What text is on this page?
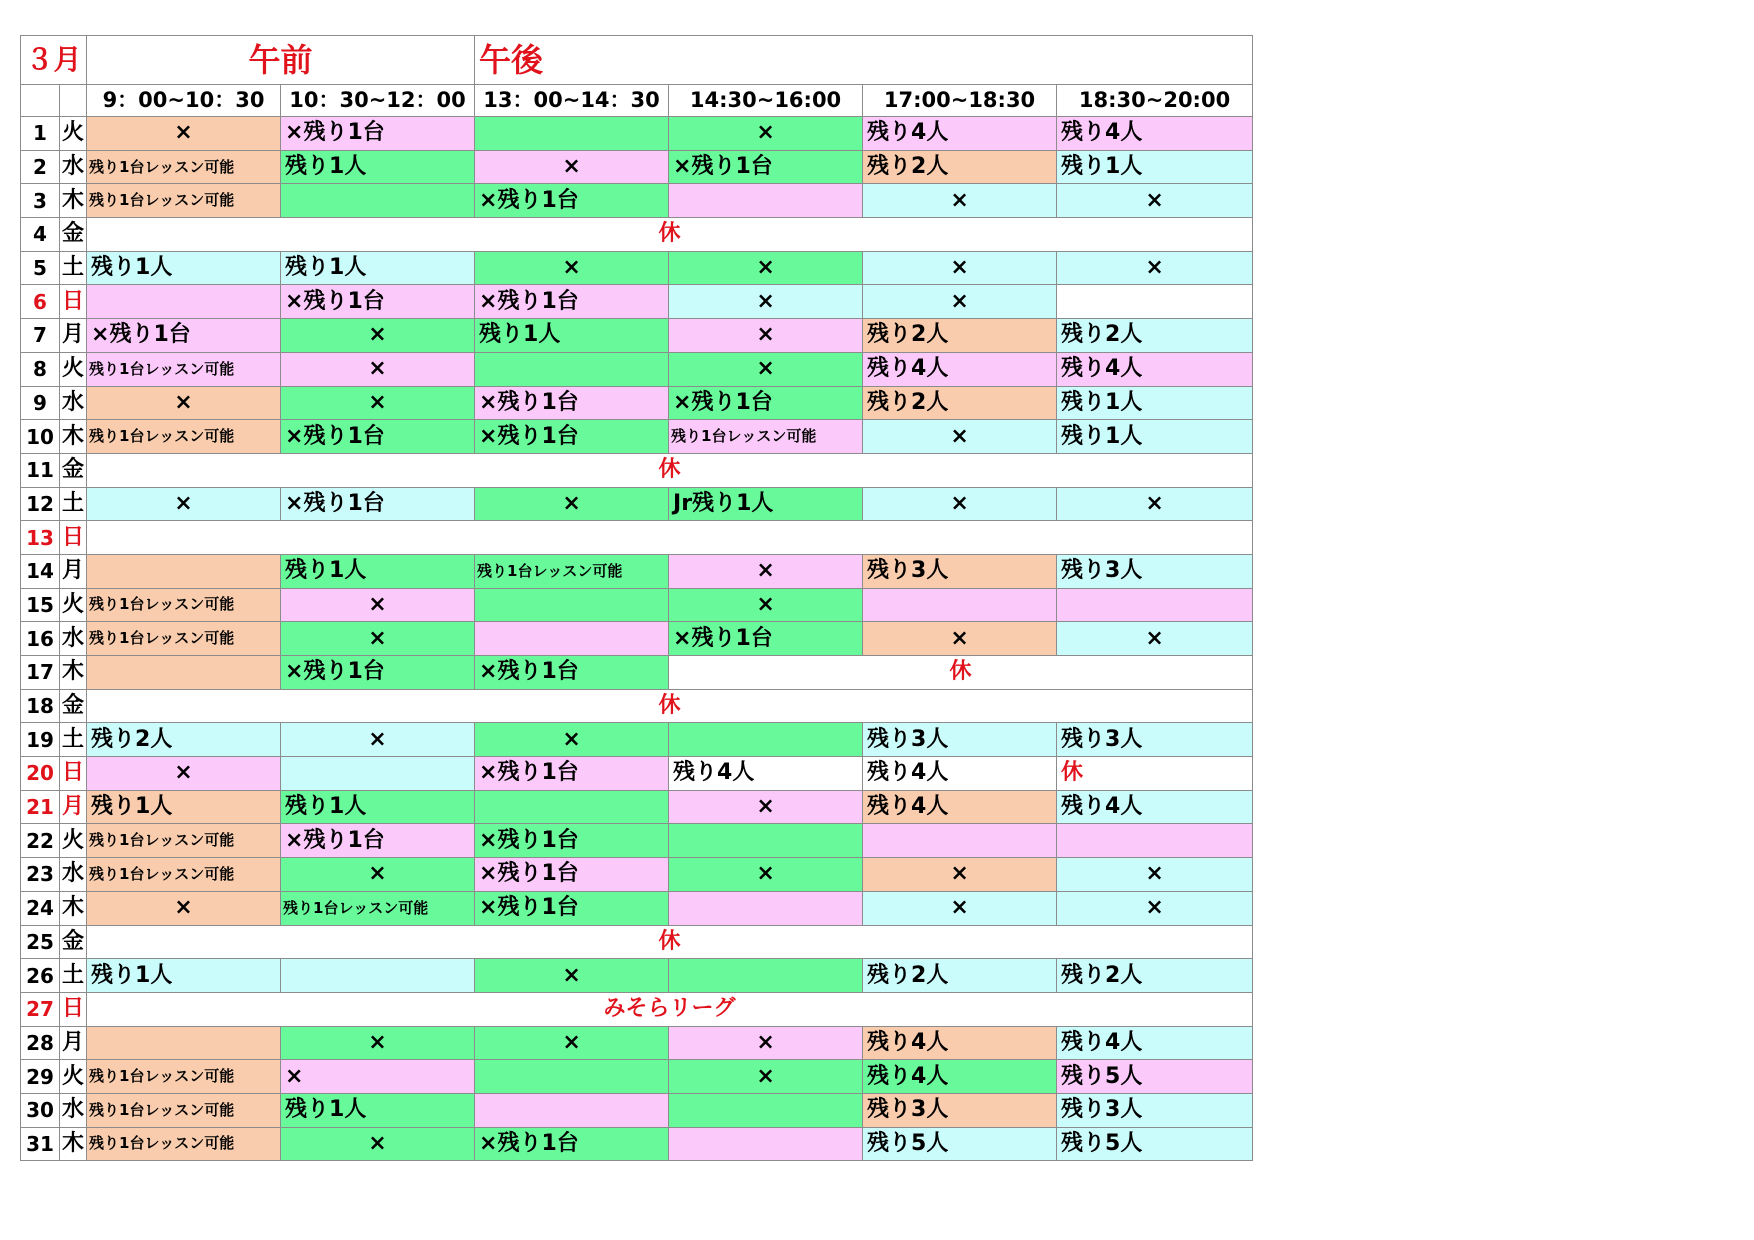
３月		午前		午後			
		9：00~10：30	10：30~12：00	13：00~14：30	14:30~16:00	17:00~18:30	18:30~20:00
1	火	×	×残り1台		×	残り4人	残り4人
2	水	残り1台レッスン可能	残り1人	×	×残り1台	残り2人	残り1人
3	木	残り1台レッスン可能		×残り1台		×	×
4	金	休					
5	土	残り1人	残り1人	×	×	×	×
6	日		×残り1台	×残り1台	×	×	
7	月	×残り1台	×	残り1人	×	残り2人	残り2人
8	火	残り1台レッスン可能	×		×	残り4人	残り4人
9	水	×	×	×残り1台	×残り1台	残り2人	残り1人
10	木	残り1台レッスン可能	×残り1台	×残り1台	残り1台レッスン可能	×	残り1人
11	金	休					
12	土	×	×残り1台	×	Jr残り1人	×	×
13	日						
14	月		残り1人	残り1台レッスン可能	×	残り3人	残り3人
15	火	残り1台レッスン可能	×		×		
16	水	残り1台レッスン可能	×		×残り1台	×	×
17	木		×残り1台	×残り1台	休		
18	金	休					
19	土	残り2人	×	×		残り3人	残り3人
20	日	×		×残り1台	残り4人	残り4人	休
21	月	残り1人	残り1人		×	残り4人	残り4人
22	火	残り1台レッスン可能	×残り1台	×残り1台			
23	水	残り1台レッスン可能	×	×残り1台	×	×	×
24	木	×	残り1台レッスン可能	×残り1台		×	×
25	金	休					
26	土	残り1人		×		残り2人	残り2人
27	日	みそらリーグ					
28	月		×	×	×	残り4人	残り4人
29	火	残り1台レッスン可能	×		×	残り4人	残り5人
30	水	残り1台レッスン可能	残り1人			残り3人	残り3人
31	木	残り1台レッスン可能	×	×残り1台		残り5人	残り5人
